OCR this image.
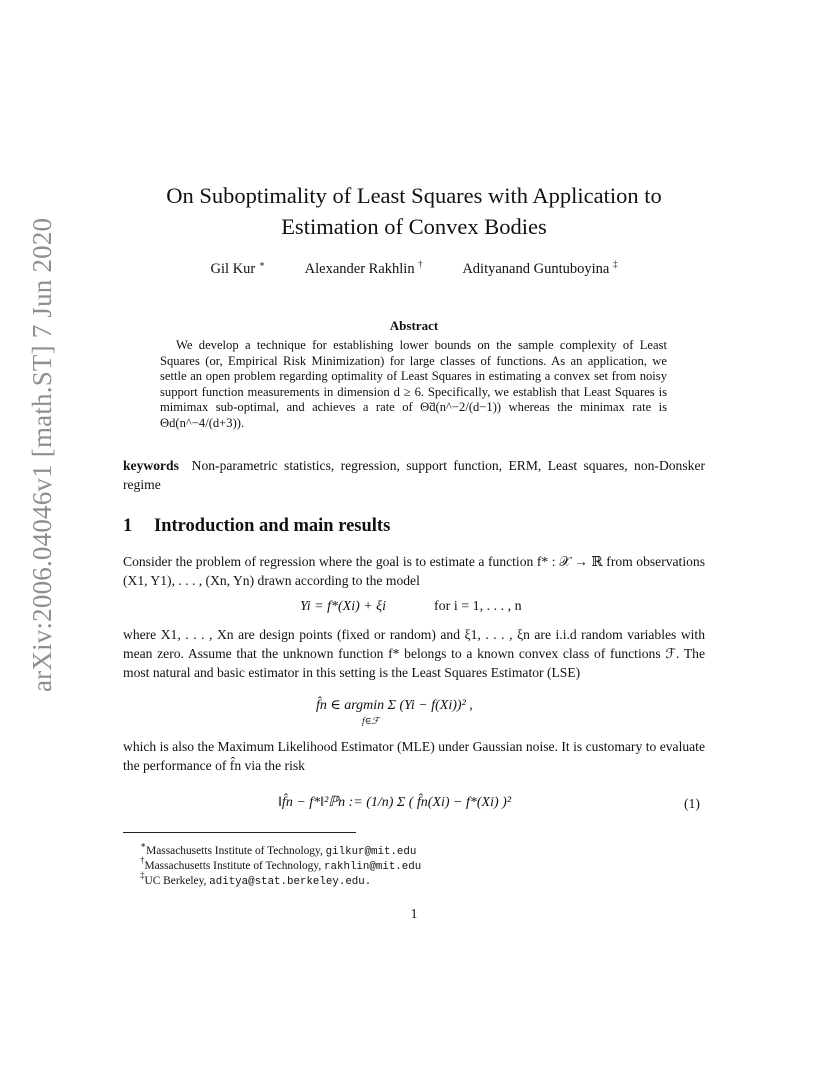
arXiv:2006.04046v1 [math.ST] 7 Jun 2020
On Suboptimality of Least Squares with Application to
Estimation of Convex Bodies
Gil Kur ∗	Alexander Rakhlin †	Adityanand Guntuboyina ‡
Abstract
We develop a technique for establishing lower bounds on the sample complexity of Least Squares (or, Empirical Risk Minimization) for large classes of functions. As an application, we settle an open problem regarding optimality of Least Squares in estimating a convex set from noisy support function measurements in dimension d ≥ 6. Specifically, we establish that Least Squares is mimimax sub-optimal, and achieves a rate of Θ̃d(n^−2/(d−1)) whereas the minimax rate is Θd(n^−4/(d+3)).
keywords Non-parametric statistics, regression, support function, ERM, Least squares, non-Donsker regime
1 Introduction and main results
Consider the problem of regression where the goal is to estimate a function f* : 𝒳 → ℝ from observations (X1, Y1), . . . , (Xn, Yn) drawn according to the model
Yi = f*(Xi) + ξi	for i = 1, . . . , n
where X1, . . . , Xn are design points (fixed or random) and ξ1, . . . , ξn are i.i.d random variables with mean zero. Assume that the unknown function f* belongs to a known convex class of functions ℱ. The most natural and basic estimator in this setting is the Least Squares Estimator (LSE)
f̂n ∈ argmin Σ (Yi − f(Xi))² ,
f∈ℱ
which is also the Maximum Likelihood Estimator (MLE) under Gaussian noise. It is customary to evaluate the performance of f̂n via the risk
‖f̂n − f*‖²ℙn := (1/n) Σ ( f̂n(Xi) − f*(Xi) )²	(1)
∗Massachusetts Institute of Technology, gilkur@mit.edu
†Massachusetts Institute of Technology, rakhlin@mit.edu
‡UC Berkeley, aditya@stat.berkeley.edu.
1
